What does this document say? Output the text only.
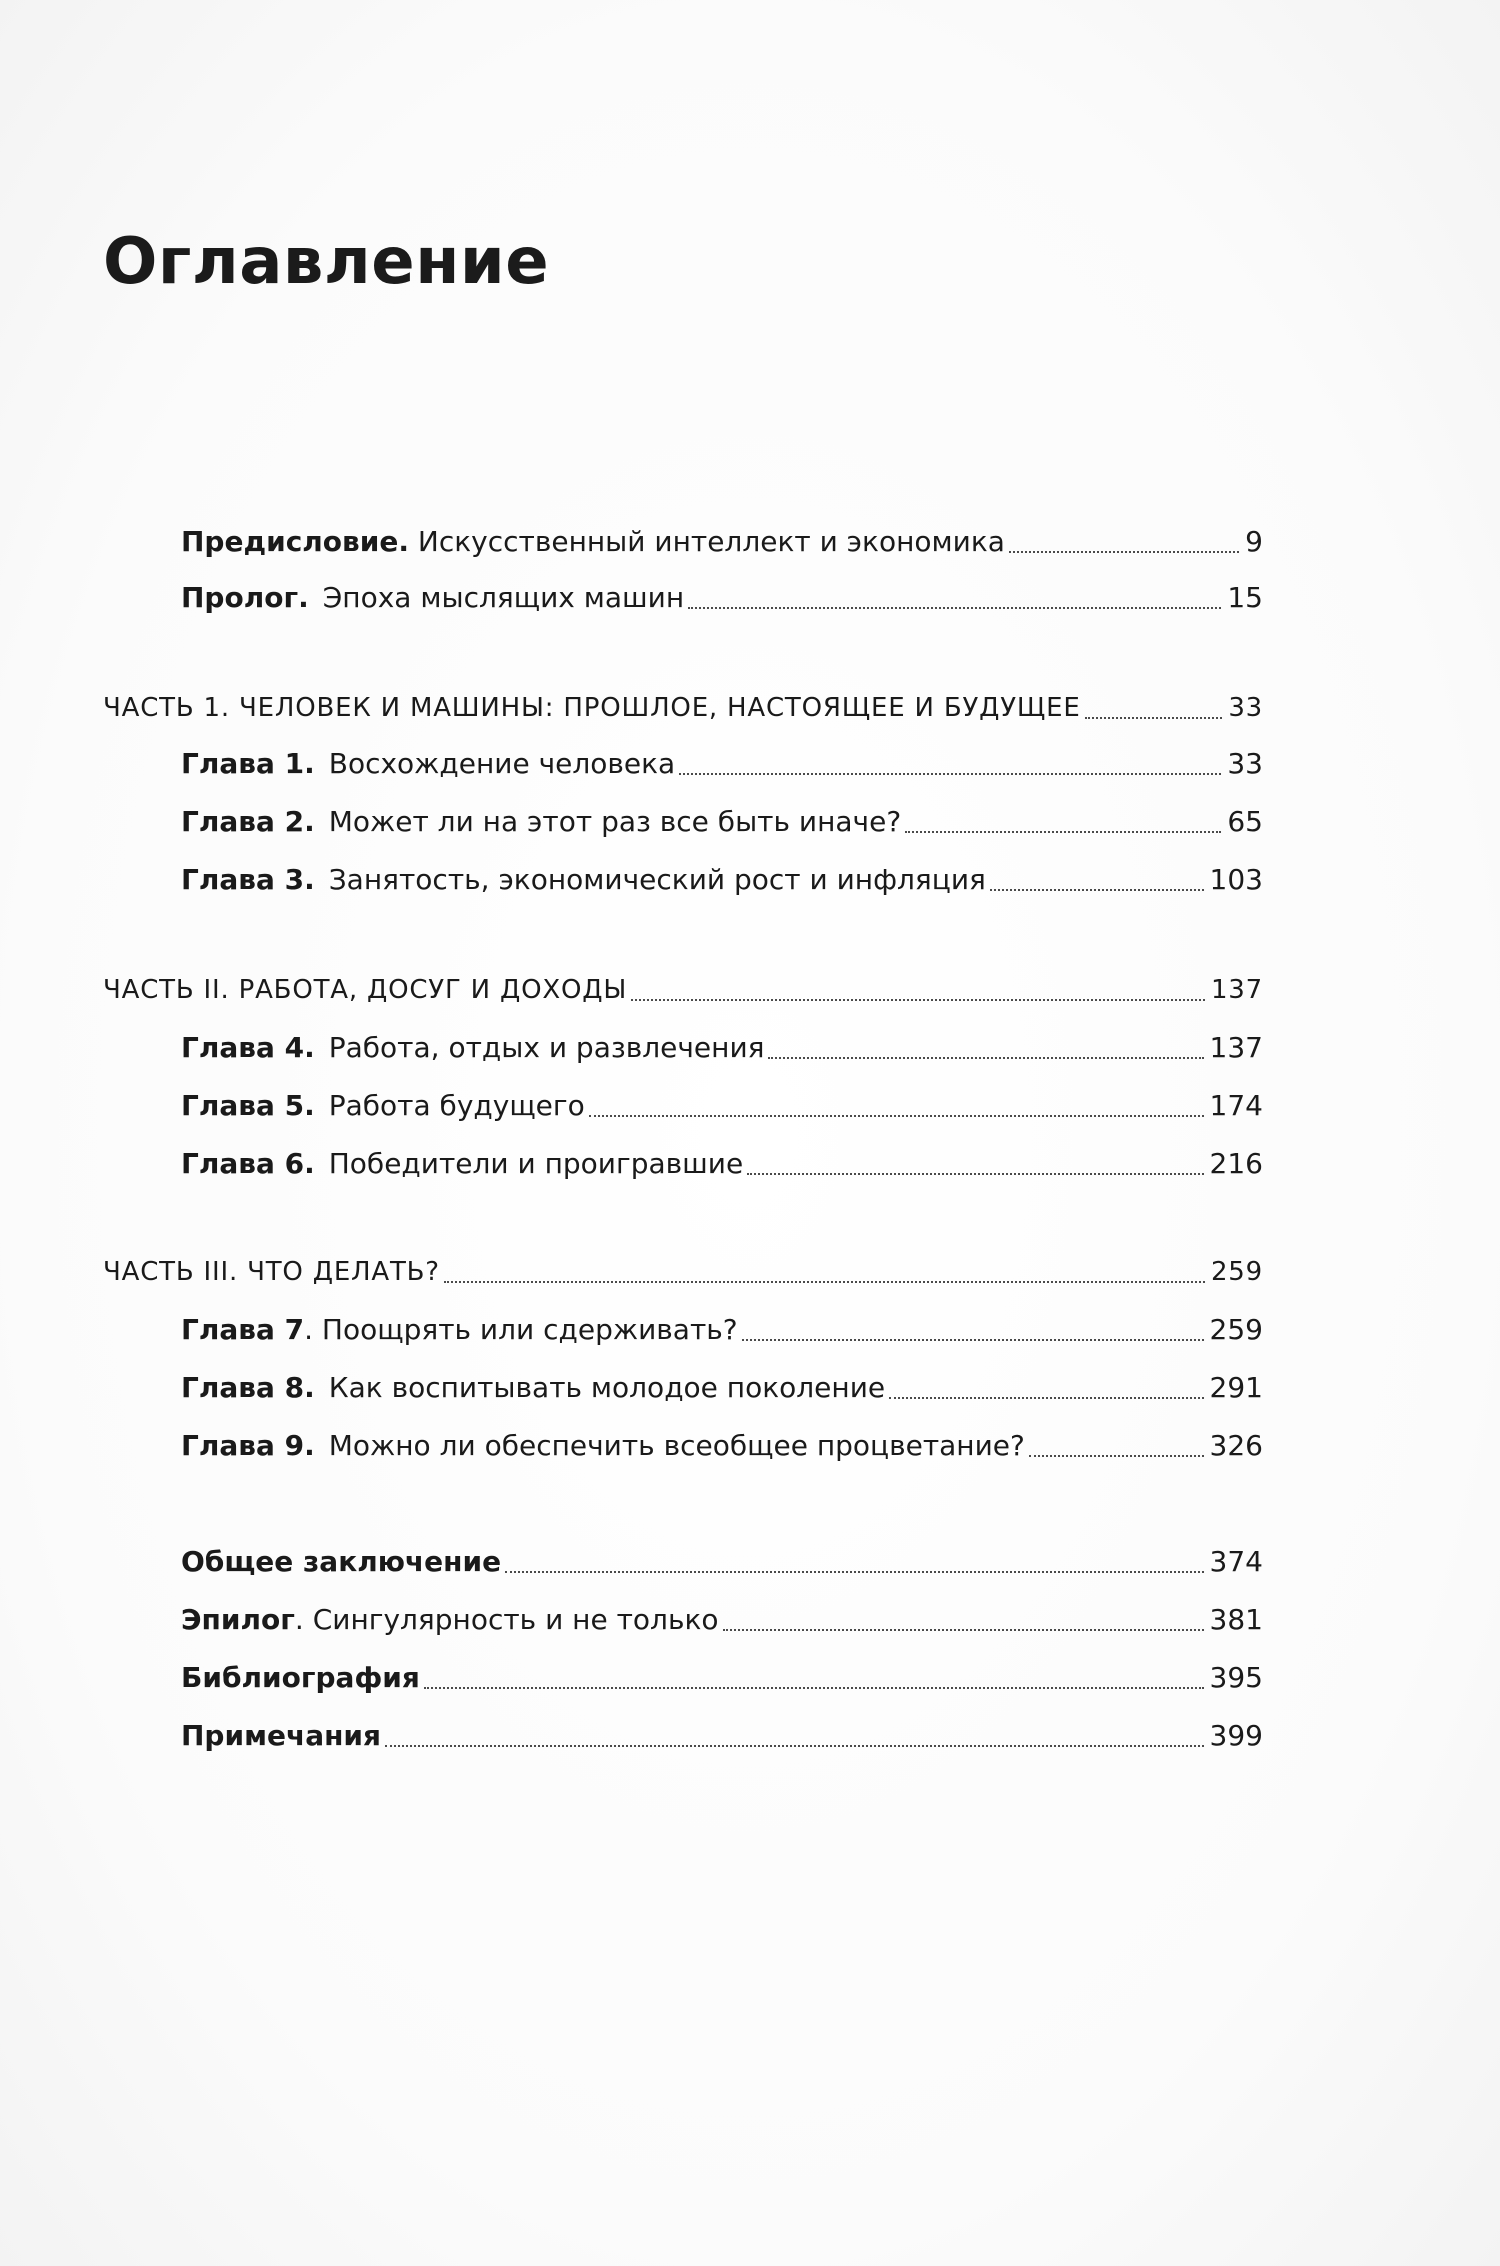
Оглавление
Предисловие. Искусственный интеллект и экономика	9
Пролог. Эпоха мыслящих машин	15
ЧАСТЬ 1. ЧЕЛОВЕК И МАШИНЫ: ПРОШЛОЕ, НАСТОЯЩЕЕ И БУДУЩЕЕ	33
Глава 1. Восхождение человека	33
Глава 2. Может ли на этот раз все быть иначе?	65
Глава 3. Занятость, экономический рост и инфляция	103
ЧАСТЬ II. РАБОТА, ДОСУГ И ДОХОДЫ	137
Глава 4. Работа, отдых и развлечения	137
Глава 5. Работа будущего	174
Глава 6. Победители и проигравшие	216
ЧАСТЬ III. ЧТО ДЕЛАТЬ?	259
Глава 7. Поощрять или сдерживать?	259
Глава 8. Как воспитывать молодое поколение	291
Глава 9. Можно ли обеспечить всеобщее процветание?	326
Общее заключение	374
Эпилог. Сингулярность и не только	381
Библиография	395
Примечания	399
